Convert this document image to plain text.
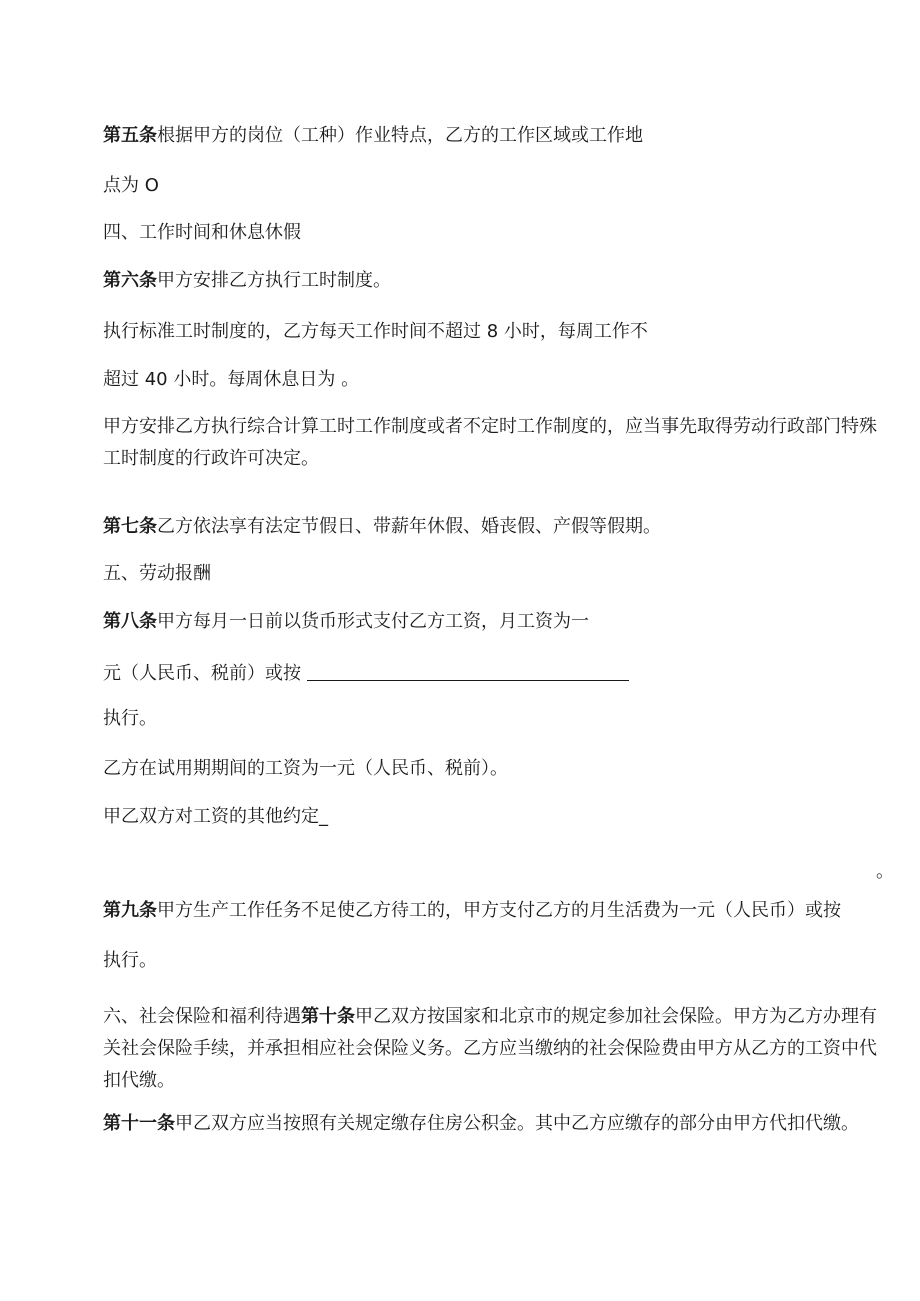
第五条根据甲方的岗位（工种）作业特点，乙方的工作区域或工作地
点为 O
四、工作时间和休息休假
第六条甲方安排乙方执行工时制度。
执行标准工时制度的，乙方每天工作时间不超过 8 小时，每周工作不
超过 40 小时。每周休息日为 。
甲方安排乙方执行综合计算工时工作制度或者不定时工作制度的，应当事先取得劳动行政部门特殊工时制度的行政许可决定。
第七条乙方依法享有法定节假日、带薪年休假、婚丧假、产假等假期。
五、劳动报酬
第八条甲方每月一日前以货币形式支付乙方工资，月工资为一
元（人民币、税前）或按
执行。
乙方在试用期期间的工资为一元（人民币、税前）。
甲乙双方对工资的其他约定_
。
第九条甲方生产工作任务不足使乙方待工的，甲方支付乙方的月生活费为一元（人民币）或按
执行。
六、社会保险和福利待遇第十条甲乙双方按国家和北京市的规定参加社会保险。甲方为乙方办理有关社会保险手续，并承担相应社会保险义务。乙方应当缴纳的社会保险费由甲方从乙方的工资中代扣代缴。
第十一条甲乙双方应当按照有关规定缴存住房公积金。其中乙方应缴存的部分由甲方代扣代缴。
